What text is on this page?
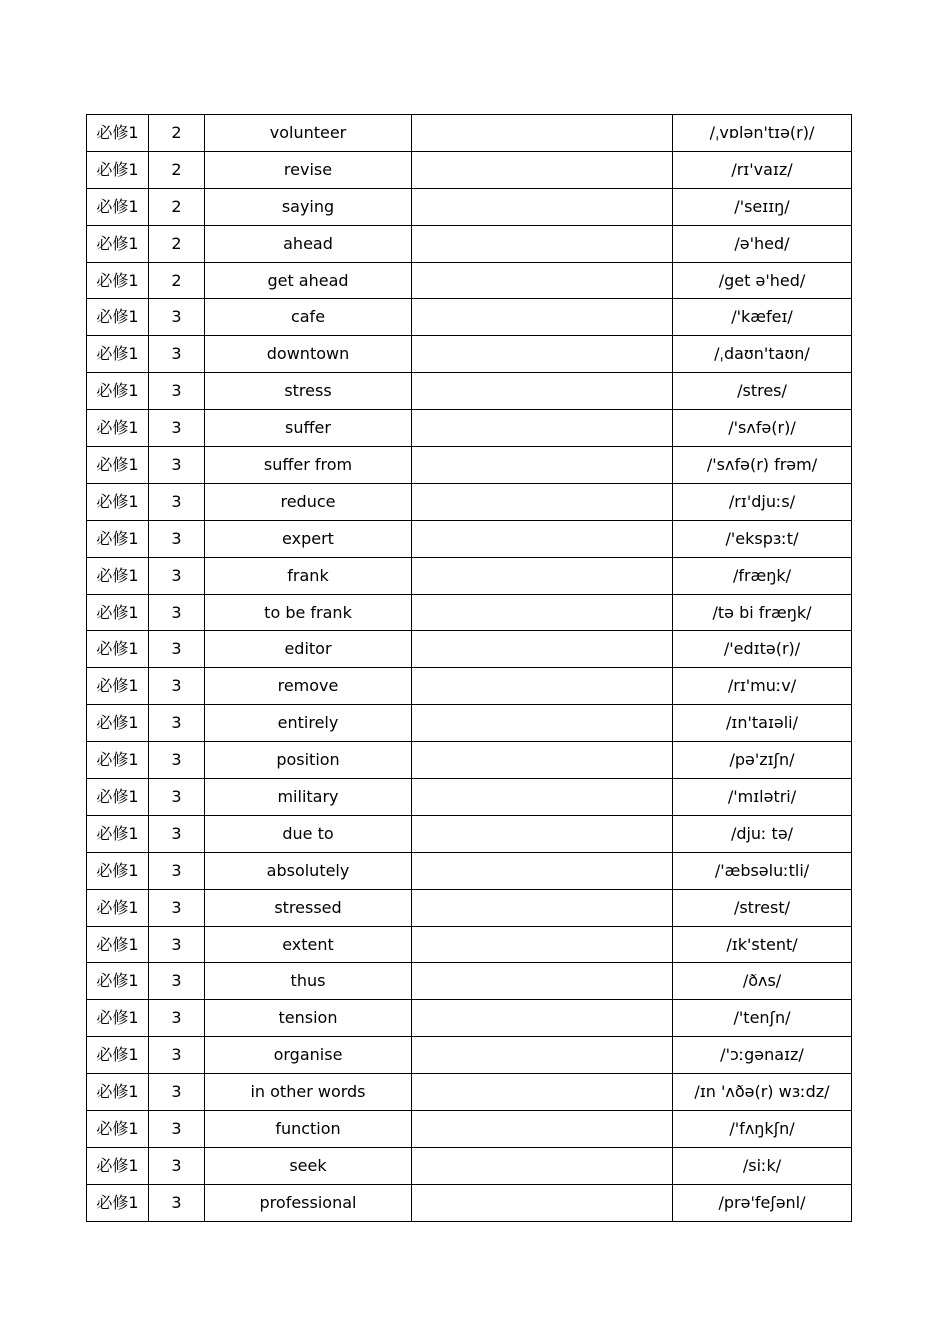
必修1	2	volunteer		/ˌvɒlən'tɪə(r)/
必修1	2	revise		/rɪ'vaɪz/
必修1	2	saying		/'seɪɪŋ/
必修1	2	ahead		/ə'hed/
必修1	2	get ahead		/get ə'hed/
必修1	3	cafe		/'kæfeɪ/
必修1	3	downtown		/ˌdaʊn'taʊn/
必修1	3	stress		/stres/
必修1	3	suffer		/'sʌfə(r)/
必修1	3	suffer from		/'sʌfə(r) frəm/
必修1	3	reduce		/rɪ'djuːs/
必修1	3	expert		/'ekspɜːt/
必修1	3	frank		/fræŋk/
必修1	3	to be frank		/tə bi fræŋk/
必修1	3	editor		/'edɪtə(r)/
必修1	3	remove		/rɪ'muːv/
必修1	3	entirely		/ɪn'taɪəli/
必修1	3	position		/pə'zɪʃn/
必修1	3	military		/'mɪlətri/
必修1	3	due to		/djuː tə/
必修1	3	absolutely		/'æbsəluːtli/
必修1	3	stressed		/strest/
必修1	3	extent		/ɪk'stent/
必修1	3	thus		/ðʌs/
必修1	3	tension		/'tenʃn/
必修1	3	organise		/'ɔːgənaɪz/
必修1	3	in other words		/ɪn 'ʌðə(r) wɜːdz/
必修1	3	function		/'fʌŋkʃn/
必修1	3	seek		/siːk/
必修1	3	professional		/prə'feʃənl/
